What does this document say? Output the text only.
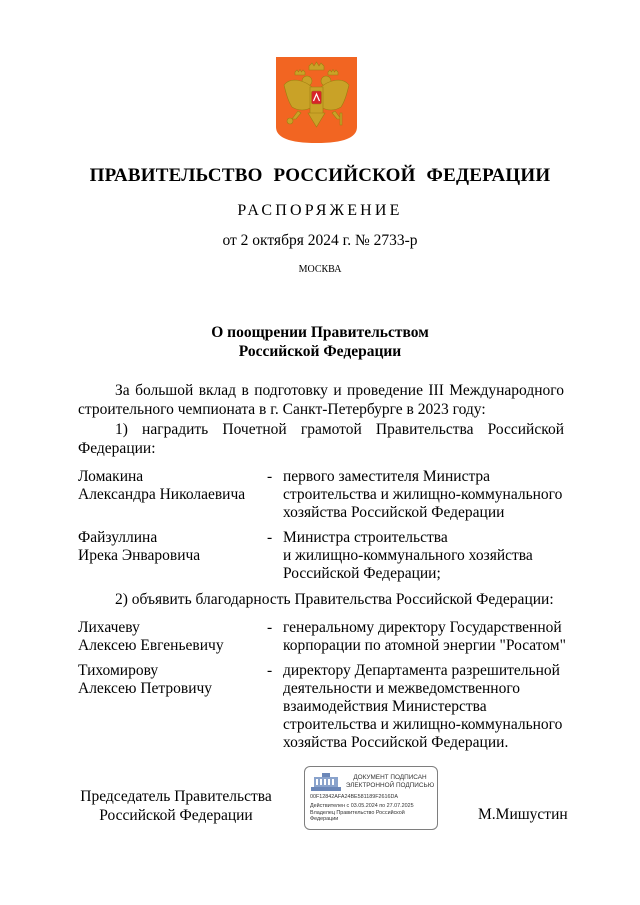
ПРАВИТЕЛЬСТВО РОССИЙСКОЙ ФЕДЕРАЦИИ
РАСПОРЯЖЕНИЕ
от 2 октября 2024 г. № 2733-р
МОСКВА
О поощрении Правительством
Российской Федерации
За большой вклад в подготовку и проведение III Международного строительного чемпионата в г. Санкт-Петербурге в 2023 году:
1) наградить Почетной грамотой Правительства Российской Федерации:
Ломакина
Александра Николаевича
- первого заместителя Министра
строительства и жилищно-коммунального
хозяйства Российской Федерации
Файзуллина
Ирека Энваровича
- Министра строительства
и жилищно-коммунального хозяйства
Российской Федерации;
2) объявить благодарность Правительства Российской Федерации:
Лихачеву
Алексею Евгеньевичу
- генеральному директору Государственной
корпорации по атомной энергии "Росатом"
Тихомирову
Алексею Петровичу
- директору Департамента разрешительной
деятельности и межведомственного
взаимодействия Министерства
строительства и жилищно-коммунального
хозяйства Российской Федерации.
Председатель Правительства
Российской Федерации
ДОКУМЕНТ ПОДПИСАН
ЭЛЕКТРОННОЙ ПОДПИСЬЮ
00F12842AFA24BE581189F2616DA
Действителен с 03.05.2024 по 27.07.2025
Владелец Правительство Российской Федерации	М.Мишустин
